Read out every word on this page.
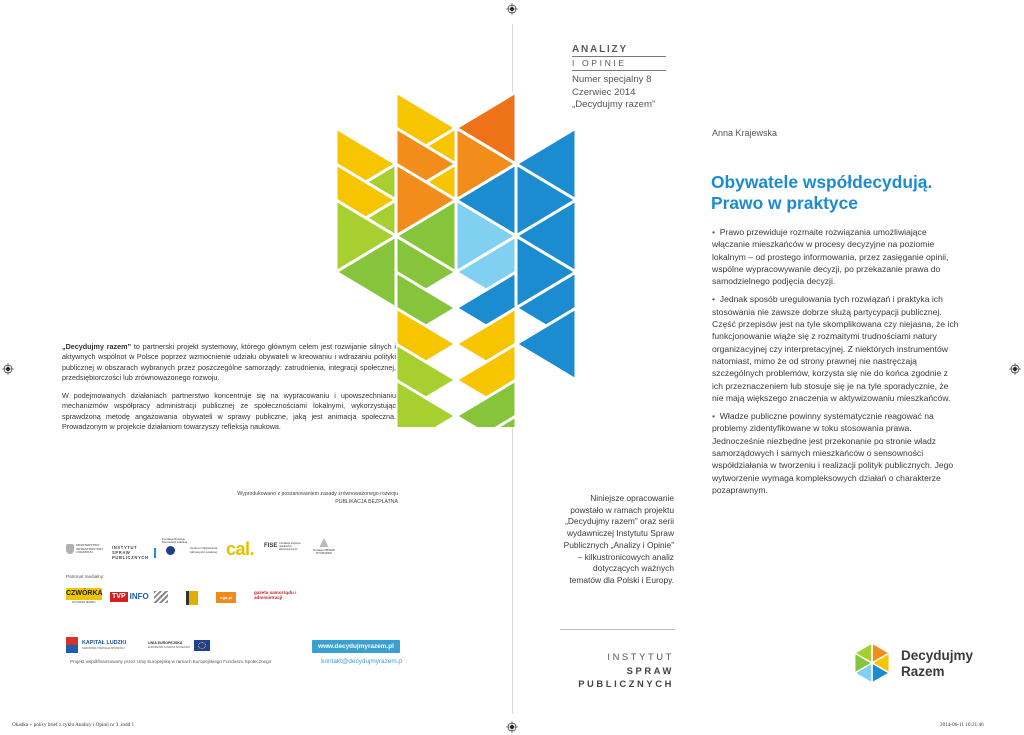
„Decydujmy razem” to partnerski projekt systemowy, którego głównym celem jest rozwijanie silnych i aktywnych wspólnot w Polsce poprzez wzmocnienie udziału obywateli w kreowaniu i wdrażaniu polityki publicznej w obszarach wybranych przez poszczególne samorządy: zatrudnienia, integracji społecznej, przedsiębiorczości lub zrównoważonego rozwoju.

W podejmowanych działaniach partnerstwo koncentruje się na wypracowaniu i upowszechnianiu mechanizmów współpracy administracji publicznej ze społecznościami lokalnymi, wykorzystując sprawdzoną metodę angażowania obywateli w sprawy publiczne, jaką jest animacja społeczna. Prowadzonym w projekcie działaniom towarzyszy refleksja naukowa.

Wyprodukowano z poszanowaniem zasady zrównoważonego rozwoju
PUBLIKACJA BEZPŁATNA
MINISTERSTWO INFRASTRUKTURY I ROZWOJU
INSTYTUT SPRAW PUBLICZNYCH
Fundacja Rozwoju Demokracji Lokalnej
Centrum Wspierania Aktywności Lokalnej cal. FISE Fundacja Inicjatyw Społeczno-Ekonomicznych	Fundacja OBSZAR WYSPIARSKI
Patronat medialny:
CZWÓRKA
POLSKIE RADIO
TVP INFO	ngo.pl
gazeta samorządu i administracji
KAPITAŁ LUDZKI
NARODOWA STRATEGIA SPÓJNOŚCI
UNIA EUROPEJSKA
EUROPEJSKI FUNDUSZ SPOŁECZNY
Projekt współfinansowany przez Unię Europejską w ramach Europejskiego Funduszu Społecznego
www.decydujmyrazem.pl
kontakt@decydujmyrazem.p
ANALIZY
I OPINIE
Numer specjalny 8
Czerwiec 2014
„Decydujmy razem”
Anna Krajewska
Obywatele współdecydują.
Prawo w praktyce
•  Prawo przewiduje rozmaite rozwiązania umożliwiające włączanie mieszkańców w procesy decyzyjne na poziomie lokalnym – od prostego informowania, przez zasięganie opinii, wspólne wypracowywanie decyzji, po przekazanie prawa do samodzielnego podjęcia decyzji.
•  Jednak sposób uregulowania tych rozwiązań i praktyka ich stosowania nie zawsze dobrze służą partycypacji publicznej. Część przepisów jest na tyle skomplikowana czy niejasna, że ich funkcjonowanie wiąże się z rozmaitymi trudnościami natury organizacyjnej czy interpretacyjnej. Z niektórych instrumentów natomiast, mimo że od strony prawnej nie nastręczają szczególnych problemów, korzysta się nie do końca zgodnie z ich przeznaczeniem lub stosuje się je na tyle sporadycznie, że nie mają większego znaczenia w aktywizowaniu mieszkańców.
•  Władze publiczne powinny systematycznie reagować na problemy zidentyfikowane w toku stosowania prawa. Jednocześnie niezbędne jest przekonanie po stronie władz samorządowych i samych mieszkańców o sensowności współdziałania w tworzeniu i realizacji polityk publicznych. Jego wytworzenie wymaga kompleksowych działań o charakterze pozaprawnym.
Niniejsze opracowanie powstało w ramach projektu „Decydujmy razem” oraz serii wydawniczej Instytutu Spraw Publicznych „Analizy i Opinie” – kilkustronicowych analiz dotyczących ważnych tematów dla Polski i Europy.
INSTYTUT SPRAW
PUBLICZNYCH
Decydujmy
Razem
Okadka + policy brief z cyklu Analizy i Opinii nr 3 .indd 1	2014-06-11 10:21:46
